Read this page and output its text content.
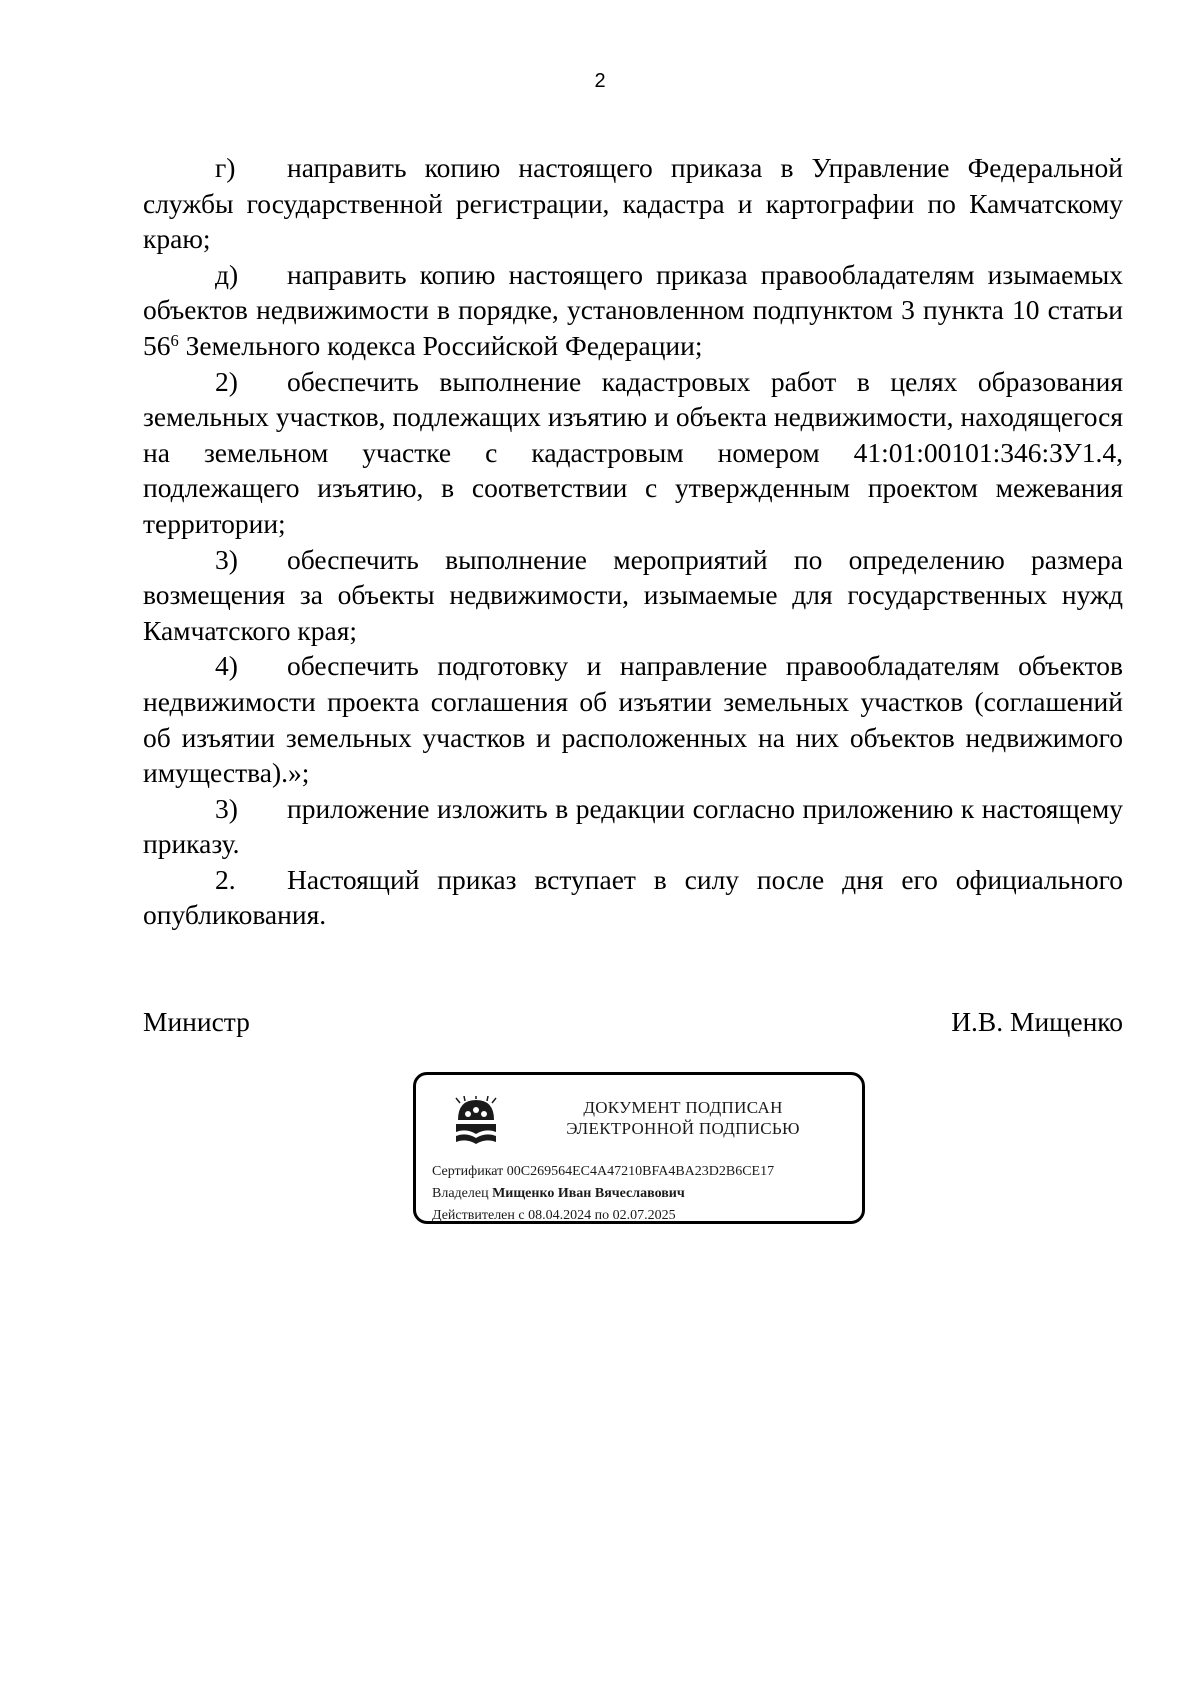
2

г) направить копию настоящего приказа в Управление Федеральной службы государственной регистрации, кадастра и картографии по Камчатскому краю;

д) направить копию настоящего приказа правообладателям изымаемых объектов недвижимости в порядке, установленном подпунктом 3 пункта 10 статьи $56^6$ Земельного кодекса Российской Федерации;

2) обеспечить выполнение кадастровых работ в целях образования земельных участков, подлежащих изъятию и объекта недвижимости, находящегося на земельном участке с кадастровым номером 41:01:00101:346:ЗУ1.4, подлежащего изъятию, в соответствии с утвержденным проектом межевания территории;

3) обеспечить выполнение мероприятий по определению размера возмещения за объекты недвижимости, изымаемые для государственных нужд Камчатского края;

4) обеспечить подготовку и направление правообладателям объектов недвижимости проекта соглашения об изъятии земельных участков (соглашений об изъятии земельных участков и расположенных на них объектов недвижимого имущества).»;

3) приложение изложить в редакции согласно приложению к настоящему приказу.

2. Настоящий приказ вступает в силу после дня его официального опубликования.

Министр	И.В. Мищенко
ДОКУМЕНТ ПОДПИСАН
ЭЛЕКТРОННОЙ ПОДПИСЬЮ
Сертификат 00C269564EC4A47210BFA4BA23D2B6CE17
Владелец Мищенко Иван Вячеславович
Действителен с 08.04.2024 по 02.07.2025
